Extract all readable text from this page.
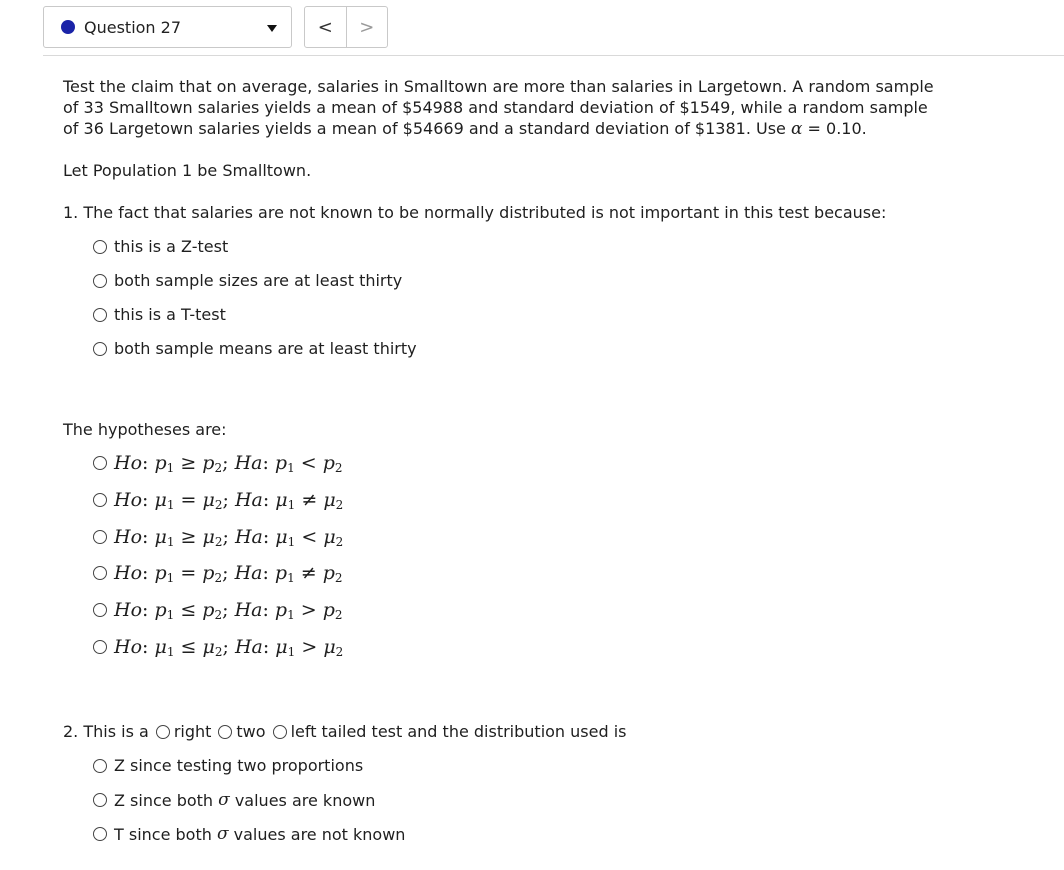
Question 27	< >

Test the claim that on average, salaries in Smalltown are more than salaries in Largetown. A random sample

of 33 Smalltown salaries yields a mean of $54988 and standard deviation of $1549, while a random sample

of 36 Largetown salaries yields a mean of $54669 and a standard deviation of $1381. Use α = 0.10.

Let Population 1 be Smalltown.
1. The fact that salaries are not known to be normally distributed is not important in this test because:
this is a Z-test
both sample sizes are at least thirty
this is a T-test
both sample means are at least thirty
The hypotheses are:
Ho: $p_1 \ge p_2$; Ha: $p_1 < p_2$
Ho: $\mu_1 = \mu_2$; Ha: $\mu_1 \ne \mu_2$
Ho: $\mu_1 \ge \mu_2$; Ha: $\mu_1 < \mu_2$
Ho: $p_1 = p_2$; Ha: $p_1 \ne p_2$
Ho: $p_1 \le p_2$; Ha: $p_1 > p_2$
Ho: $\mu_1 \le \mu_2$; Ha: $\mu_1 > \mu_2$
2. This is a right two left tailed test and the distribution used is
Z since testing two proportions
Z since both σ values are known
T since both σ values are not known
